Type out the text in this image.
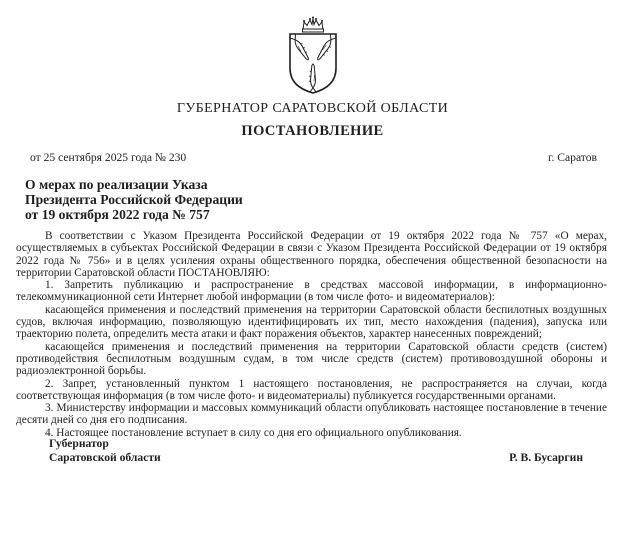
ГУБЕРНАТОР САРАТОВСКОЙ ОБЛАСТИ
ПОСТАНОВЛЕНИЕ
от 25 сентября 2025 года № 230	г. Саратов
О мерах по реализации Указа
Президента Российской Федерации
от 19 октября 2022 года № 757

В соответствии с Указом Президента Российской Федерации от 19 октября 2022 года № 757 «О мерах, осуществляемых в субъектах Российской Федерации в связи с Указом Президента Российской Федерации от 19 октября 2022 года № 756» и в целях усиления охраны общественного порядка, обеспечения общественной безопасности на территории Саратовской области ПОСТАНОВЛЯЮ:

1. Запретить публикацию и распространение в средствах массовой информации, в информационно-телекоммуникационной сети Интернет любой информации (в том числе фото- и видеоматериалов):

касающейся применения и последствий применения на территории Саратовской области беспилотных воздушных судов, включая информацию, позволяющую идентифицировать их тип, место нахождения (падения), запуска или траекторию полета, определить места атаки и факт поражения объектов, характер нанесенных повреждений;

касающейся применения и последствий применения на территории Саратовской области средств (систем) противодействия беспилотным воздушным судам, в том числе средств (систем) противовоздушной обороны и радиоэлектронной борьбы.

2. Запрет, установленный пунктом 1 настоящего постановления, не распространяется на случаи, когда соответствующая информация (в том числе фото- и видеоматериалы) публикуется государственными органами.

3. Министерству информации и массовых коммуникаций области опубликовать настоящее постановление в течение десяти дней со дня его подписания.

4. Настоящее постановление вступает в силу со дня его официального опубликования.

Губернатор
Саратовской области	Р. В. Бусаргин
